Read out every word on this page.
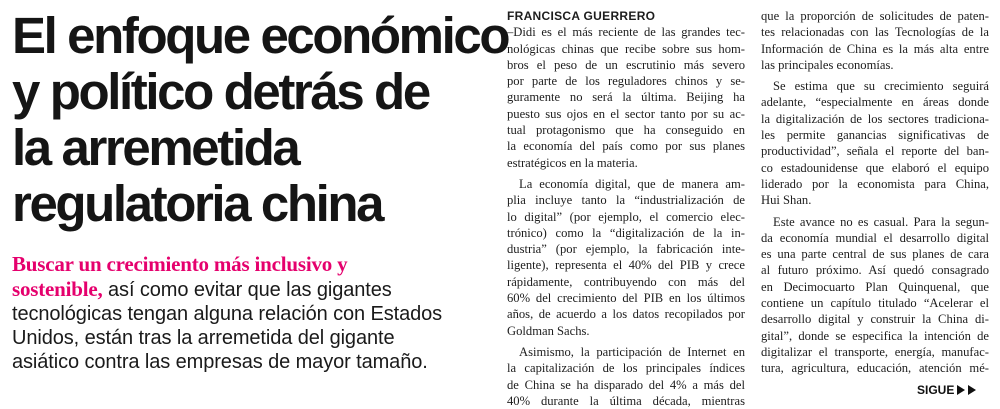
El enfoque económico
y político detrás de
la arremetida
regulatoria china
Buscar un crecimiento más inclusivo y
sostenible, así como evitar que las gigantes
tecnológicas tengan alguna relación con Estados
Unidos, están tras la arremetida del gigante
asiático contra las empresas de mayor tamaño.
FRANCISCA GUERRERO
–Didi es el más reciente de las grandes tec-
nológicas chinas que recibe sobre sus hom-
bros el peso de un escrutinio más severo
por parte de los reguladores chinos y se-
guramente no será la última. Beijing ha
puesto sus ojos en el sector tanto por su ac-
tual protagonismo que ha conseguido en
la economía del país como por sus planes
estratégicos en la materia.
La economía digital, que de manera am-
plia incluye tanto la “industrialización de
lo digital” (por ejemplo, el comercio elec-
trónico) como la “digitalización de la in-
dustria” (por ejemplo, la fabricación inte-
ligente), representa el 40% del PIB y crece
rápidamente, contribuyendo con más del
60% del crecimiento del PIB en los últimos
años, de acuerdo a los datos recopilados por
Goldman Sachs.
Asimismo, la participación de Internet en
la capitalización de los principales índices
de China se ha disparado del 4% a más del
40% durante la última década, mientras
que la proporción de solicitudes de paten-
tes relacionadas con las Tecnologías de la
Información de China es la más alta entre
las principales economías.
Se estima que su crecimiento seguirá
adelante, “especialmente en áreas donde
la digitalización de los sectores tradiciona-
les permite ganancias significativas de
productividad”, señala el reporte del ban-
co estadounidense que elaboró el equipo
liderado por la economista para China,
Hui Shan.
Este avance no es casual. Para la segun-
da economía mundial el desarrollo digital
es una parte central de sus planes de cara
al futuro próximo. Así quedó consagrado
en Decimocuarto Plan Quinquenal, que
contiene un capítulo titulado “Acelerar el
desarrollo digital y construir la China di-
gital”, donde se especifica la intención de
digitalizar el transporte, energía, manufac-
tura, agricultura, educación, atención mé-
SIGUE
